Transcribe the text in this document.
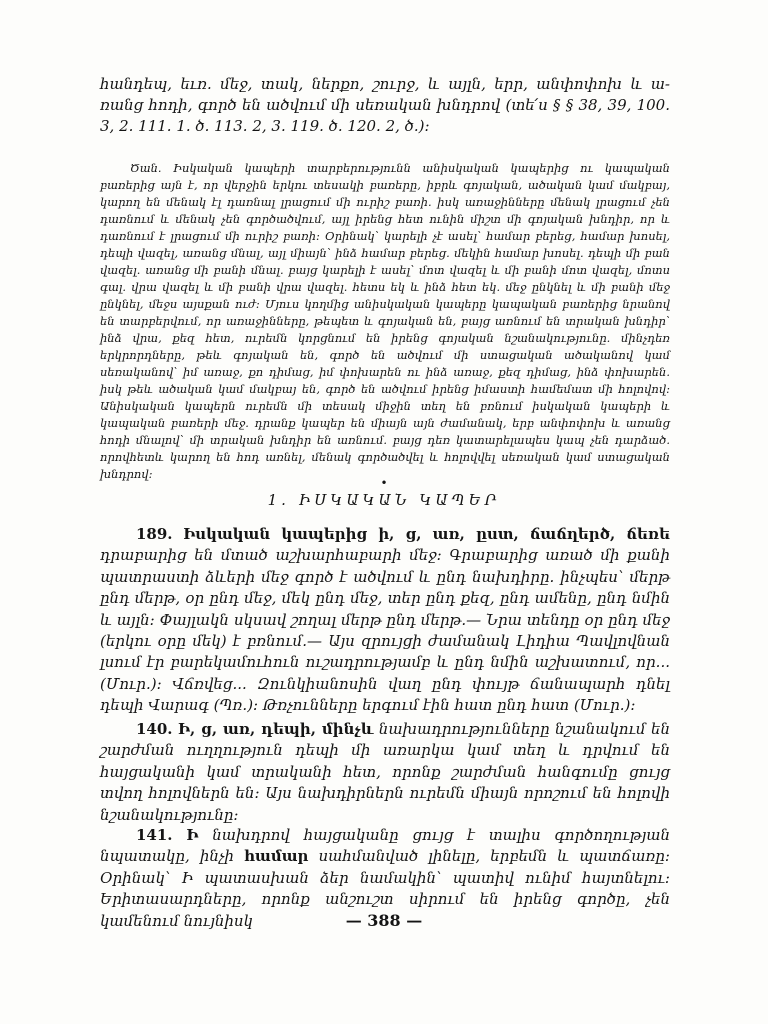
հանդեպ, եւռ. մեջ, տակ, ներքո, շուրջ, և այլն, երր, անփոփոխ և ա-ռանց հոդի, գործ են ածվում մի սեռական խնդրով (տե՛ս § § 38, 39, 100. 3, 2. 111. 1. ծ. 113. 2, 3. 119. ծ. 120. 2, ծ.)։

Ծան. Իսկական կապերի տարբերությունն անիսկական կապերից ու կապական բառերից այն է, որ վերջին երկու տեսակի բառերը, իբրև գոյական, ածական կամ մակբայ, կարող են մենակ էլ դառնալ լրացում մի ուրիշ բառի. իսկ առաջինները մենակ լրացում չեն դառնում և մենակ չեն գործածվում, այլ իրենց հետ ունին միշտ մի գոյական խնդիր, որ և դառնում է լրացում մի ուրիշ բառի։ Օրինակ՝ կարելի չէ ասել՝ համար բերեց, համար խոսել, դեպի վազել, առանց մնալ, այլ միայն՝ ինձ համար բերեց. մեկին համար խոսել. դեպի մի բան վազել. առանց մի բանի մնալ. բայց կարելի է ասել՝ մոտ վազել և մի բանի մոտ վազել, մոտս գալ. վրա վազել և մի բանի վրա վազել. հետս եկ և ինձ հետ եկ. մեջ ընկնել և մի բանի մեջ ընկնել, մեջս այսքան ուժ։ Մյուս կողմից անիսկական կապերը կապական բառերից նրանով են տարբերվում, որ առաջինները, թեպետ և գոյական են, բայց առնում են տրական խնդիր՝ ինձ վրա, քեզ հետ, ուրեմն կորցնում են իրենց գոյական նշանակությունը. մինչդեռ երկրորդները, թեև գոյական են, գործ են ածվում մի ստացական ածականով կամ սեռականով՝ իմ առաջ, քո դիմաց, իմ փոխարեն ու ինձ առաջ, քեզ դիմաց, ինձ փոխարեն. իսկ թեև ածական կամ մակբայ են, գործ են ածվում իրենց իմաստի համեմատ մի հոլովով։ Անիսկական կապերն ուրեմն մի տեսակ միջին տեղ են բռնում իսկական կապերի և կապական բառերի մեջ. դրանք կապեր են միայն այն ժամանակ, երբ անփոփոխ և առանց հոդի մնալով՝ մի տրական խնդիր են առնում. բայց դեռ կատարելապես կապ չեն դարձած. որովհետև կարող են հոդ առնել, մենակ գործածվել և հոլովվել սեռական կամ ստացական խնդրով։

•
1. ԻՍԿԱԿԱՆ ԿԱՊԵՐ

189. Իսկական կապերից ի, ց, առ, ըստ, ճաճղերծ, ճեռե դրաբարից են մտած աշխարհաբարի մեջ։ Գրաբարից առած մի քանի պատրաստի ձևերի մեջ գործ է ածվում և ընդ նախդիրը. ինչպես՝ մերթ ընդ մերթ, օր ընդ մեջ, մեկ ընդ մեջ, տեր ընդ քեզ, ընդ ամենը, ընդ նմին և այլն։ Փայլակն սկսավ շողալ մերթ ընդ մերթ.— Նրա տենդը օր ընդ մեջ (երկու օրը մեկ) է բռնում.— Այս զրույցի ժամանակ Լիդիա Պավլովնան լսում էր բարեկամուհուն ուշադրությամբ և ընդ նմին աշխատում, որ... (Մուր.)։ Վճռվեց... Զունկիանոսին վաղ ընդ փույթ ճանապարհ դնել դեպի Վարագ (Պռ.)։ Թռչունները երգում էին հատ ընդ հատ (Մուր.)։

140. Ի, ց, առ, դեպի, մինչև նախադրությունները նշանակում են շարժման ուղղություն դեպի մի առարկա կամ տեղ և դրվում են հայցականի կամ տրականի հետ, որոնք շարժման հանգումը ցույց տվող հոլովներն են։ Այս նախդիրներն ուրեմն միայն որոշում են հոլովի նշանակությունը։

141. Ի նախդրով հայցականը ցույց է տալիս գործողության նպատակը, ինչի համար սահմանված լինելը, երբեմն և պատճառը։ Օրինակ՝ Ի պատասխան ձեր նամակին՝ պատիվ ունիմ հայտնելու։ Երիտասարդները, որոնք անշուշտ սիրում են իրենց գործը, չեն կամենում նույնիսկ	— 388 —
